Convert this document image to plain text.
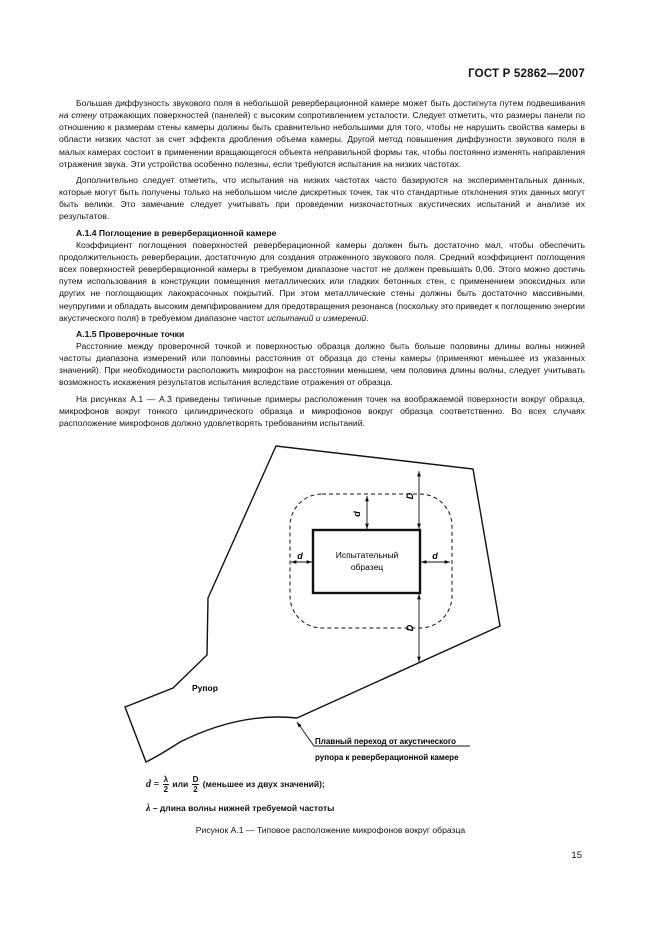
ГОСТ Р 52862—2007

Большая диффузность звукового поля в небольшой реверберационной камере может быть достигнута путем подвешивания на стену отражающих поверхностей (панелей) с высоким сопротивлением усталости. Следует отметить, что размеры панели по отношению к размерам стены камеры должны быть сравнительно небольшими для того, чтобы не нарушить свойства камеры в области низких частот за счет эффекта дробления объема камеры. Другой метод повышения диффузности звукового поля в малых камерах состоит в применении вращающегося объекта неправильной формы так, чтобы постоянно изменять направления отражения звука. Эти устройства особенно полезны, если требуются испытания на низких частотах.

Дополнительно следует отметить, что испытания на низких частотах часто базируются на экспериментальных данных, которые могут быть получены только на небольшом числе дискретных точек, так что стандартные отклонения этих данных могут быть велики. Это замечание следует учитывать при проведении низкочастотных акустических испытаний и анализе их результатов.

А.1.4 Поглощение в реверберационной камере

Коэффициент поглощения поверхностей реверберационной камеры должен быть достаточно мал, чтобы обеспечить продолжительность реверберации, достаточную для создания отраженного звукового поля. Средний коэффициент поглощения всех поверхностей реверберационной камеры в требуемом диапазоне частот не должен превышать 0,06. Этого можно достичь путем использования в конструкции помещения металлических или гладких бетонных стен, с применением эпоксидных или других не поглощающих лакокрасочных покрытий. При этом металлические стены должны быть достаточно массивными, неупругими и обладать высоким демпфированием для предотвращения резонанса (поскольку это приведет к поглощению энергии акустического поля) в требуемом диапазоне частот испытаний и измерений.

А.1.5 Проверочные точки

Расстояние между проверочной точкой и поверхностью образца должно быть больше половины длины волны нижней частоты диапазона измерений или половины расстояния от образца до стены камеры (применяют меньшее из указанных значений). При необходимости расположить микрофон на расстоянии меньшем, чем половина длины волны, следует учитывать возможность искажения результатов испытания вследствие отражения от образца.

На рисунках А.1 — А.3 приведены типичные примеры расположения точек на воображаемой поверхности вокруг образца, микрофонов вокруг тонкого цилиндрического образца и микрофонов вокруг образца соответственно. Во всех случаях расположение микрофонов должно удовлетворять требованиям испытаний.

Испытательный
образец
d	d
d
D
D
Рупор
Плавный переход от акустического
рупора к реверберационной камере
$d = \frac{\lambda}{2}$ или $\frac{D}{2}$ (меньшее из двух значений);
λ – длина волны нижней требуемой частоты
Рисунок А.1 — Типовое расположение микрофонов вокруг образца
15
